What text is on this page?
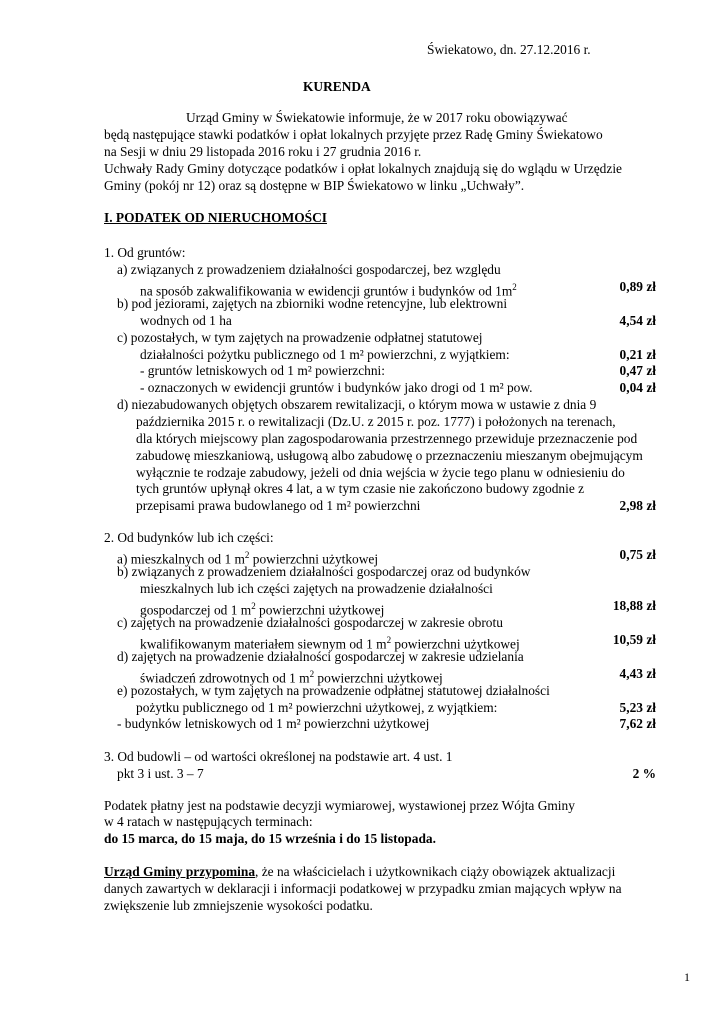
Świekatowo, dn. 27.12.2016 r.
KURENDA
Urząd Gminy w Świekatowie informuje, że w 2017 roku obowiązywać
będą następujące stawki podatków i opłat lokalnych przyjęte przez Radę Gminy Świekatowo
na Sesji w dniu 29 listopada 2016 roku i 27 grudnia 2016 r.
Uchwały Rady Gminy dotyczące podatków i opłat lokalnych znajdują się do wglądu w Urzędzie
Gminy (pokój nr 12) oraz są dostępne w BIP Świekatowo w linku „Uchwały”.
I. PODATEK OD NIERUCHOMOŚCI
1. Od gruntów:
a) związanych z prowadzeniem działalności gospodarczej, bez względu
na sposób zakwalifikowania w ewidencji gruntów i budynków od $1m^2$	0,89 zł
b) pod jeziorami, zajętych na zbiorniki wodne retencyjne, lub elektrowni
wodnych od 1 ha	4,54 zł
c) pozostałych, w tym zajętych na prowadzenie odpłatnej statutowej
działalności pożytku publicznego od 1 m² powierzchni, z wyjątkiem:	0,21 zł
- gruntów letniskowych od 1 m² powierzchni:	0,47 zł
- oznaczonych w ewidencji gruntów i budynków jako drogi od 1 m² pow.	0,04 zł
d) niezabudowanych objętych obszarem rewitalizacji, o którym mowa w ustawie z dnia 9
października 2015 r. o rewitalizacji (Dz.U. z 2015 r. poz. 1777) i położonych na terenach,
dla których miejscowy plan zagospodarowania przestrzennego przewiduje przeznaczenie pod
zabudowę mieszkaniową, usługową albo zabudowę o przeznaczeniu mieszanym obejmującym
wyłącznie te rodzaje zabudowy, jeżeli od dnia wejścia w życie tego planu w odniesieniu do
tych gruntów upłynął okres 4 lat, a w tym czasie nie zakończono budowy zgodnie z
przepisami prawa budowlanego od 1 m² powierzchni	2,98 zł
2. Od budynków lub ich części:
a) mieszkalnych od 1 $m^2$ powierzchni użytkowej	0,75 zł
b) związanych z prowadzeniem działalności gospodarczej oraz od budynków
mieszkalnych lub ich części zajętych na prowadzenie działalności
gospodarczej od 1 $m^2$ powierzchni użytkowej	18,88 zł
c) zajętych na prowadzenie działalności gospodarczej w zakresie obrotu
kwalifikowanym materiałem siewnym od 1 $m^2$ powierzchni użytkowej	10,59 zł
d) zajętych na prowadzenie działalności gospodarczej w zakresie udzielania
świadczeń zdrowotnych od 1 $m^2$ powierzchni użytkowej	4,43 zł
e) pozostałych, w tym zajętych na prowadzenie odpłatnej statutowej działalności
pożytku publicznego od 1 m² powierzchni użytkowej, z wyjątkiem:	5,23 zł
- budynków letniskowych od 1 m² powierzchni użytkowej	7,62 zł
3. Od budowli – od wartości określonej na podstawie art. 4 ust. 1
pkt 3 i ust. 3 – 7	2 %
Podatek płatny jest na podstawie decyzji wymiarowej, wystawionej przez Wójta Gminy
w 4 ratach w następujących terminach:
do 15 marca, do 15 maja, do 15 września i do 15 listopada.
Urząd Gminy przypomina, że na właścicielach i użytkownikach ciąży obowiązek aktualizacji
danych zawartych w deklaracji i informacji podatkowej w przypadku zmian mających wpływ na
zwiększenie lub zmniejszenie wysokości podatku.
1
